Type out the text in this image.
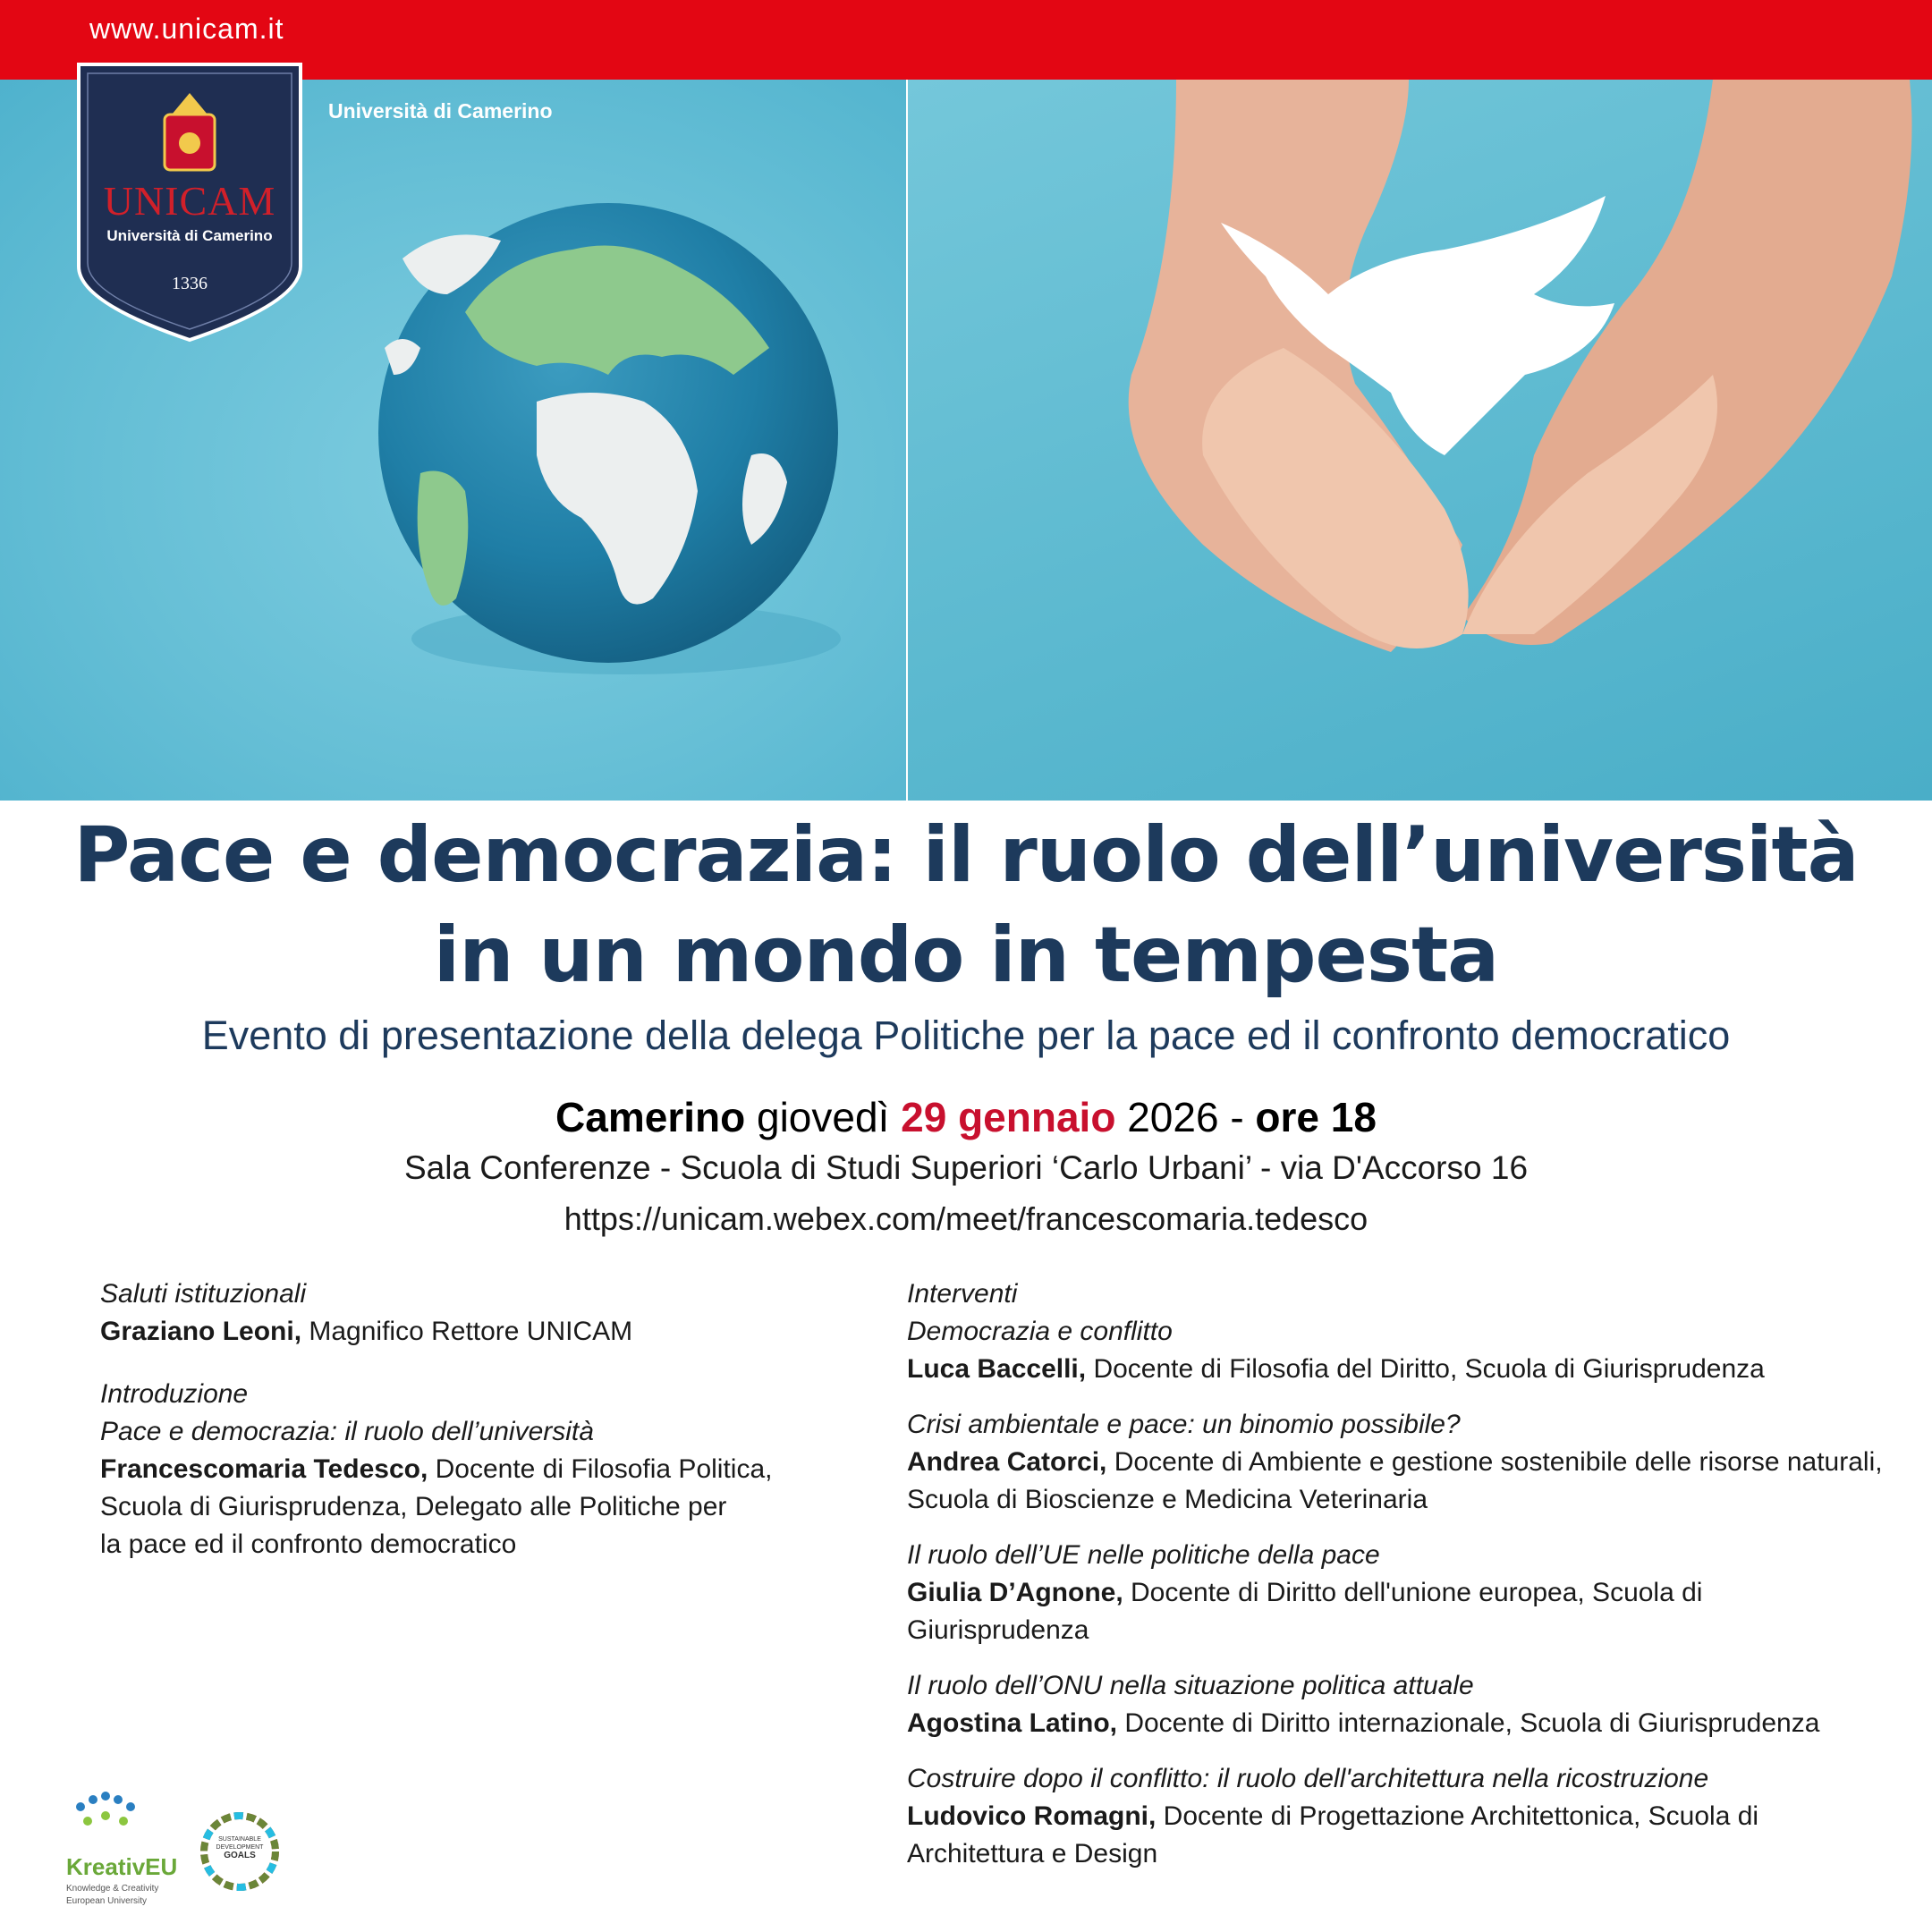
www.unicam.it
UNICAM
Università di Camerino
1336
Università di Camerino
Pace e democrazia: il ruolo dell’università
in un mondo in tempesta
Evento di presentazione della delega Politiche per la pace ed il confronto democratico
Camerino giovedì 29 gennaio 2026 - ore 18
Sala Conferenze - Scuola di Studi Superiori ‘Carlo Urbani’ - via D'Accorso 16
https://unicam.webex.com/meet/francescomaria.tedesco
Saluti istituzionali
Graziano Leoni, Magnifico Rettore UNICAM
Introduzione
Pace e democrazia: il ruolo dell’università
Francescomaria Tedesco, Docente di Filosofia Politica,
Scuola di Giurisprudenza, Delegato alle Politiche per
la pace ed il confronto democratico
Interventi
Democrazia e conflitto
Luca Baccelli, Docente di Filosofia del Diritto, Scuola di Giurisprudenza
Crisi ambientale e pace: un binomio possibile?
Andrea Catorci, Docente di Ambiente e gestione sostenibile delle risorse naturali, Scuola di Bioscienze e Medicina Veterinaria
Il ruolo dell’UE nelle politiche della pace
Giulia D’Agnone, Docente di Diritto dell'unione europea, Scuola di Giurisprudenza
Il ruolo dell’ONU nella situazione politica attuale
Agostina Latino, Docente di Diritto internazionale, Scuola di Giurisprudenza
Costruire dopo il conflitto: il ruolo dell'architettura nella ricostruzione
Ludovico Romagni, Docente di Progettazione Architettonica, Scuola di Architettura e Design
KreativEU
Knowledge & Creativity
European University
SUSTAINABLE
DEVELOPMENT
GOALS
